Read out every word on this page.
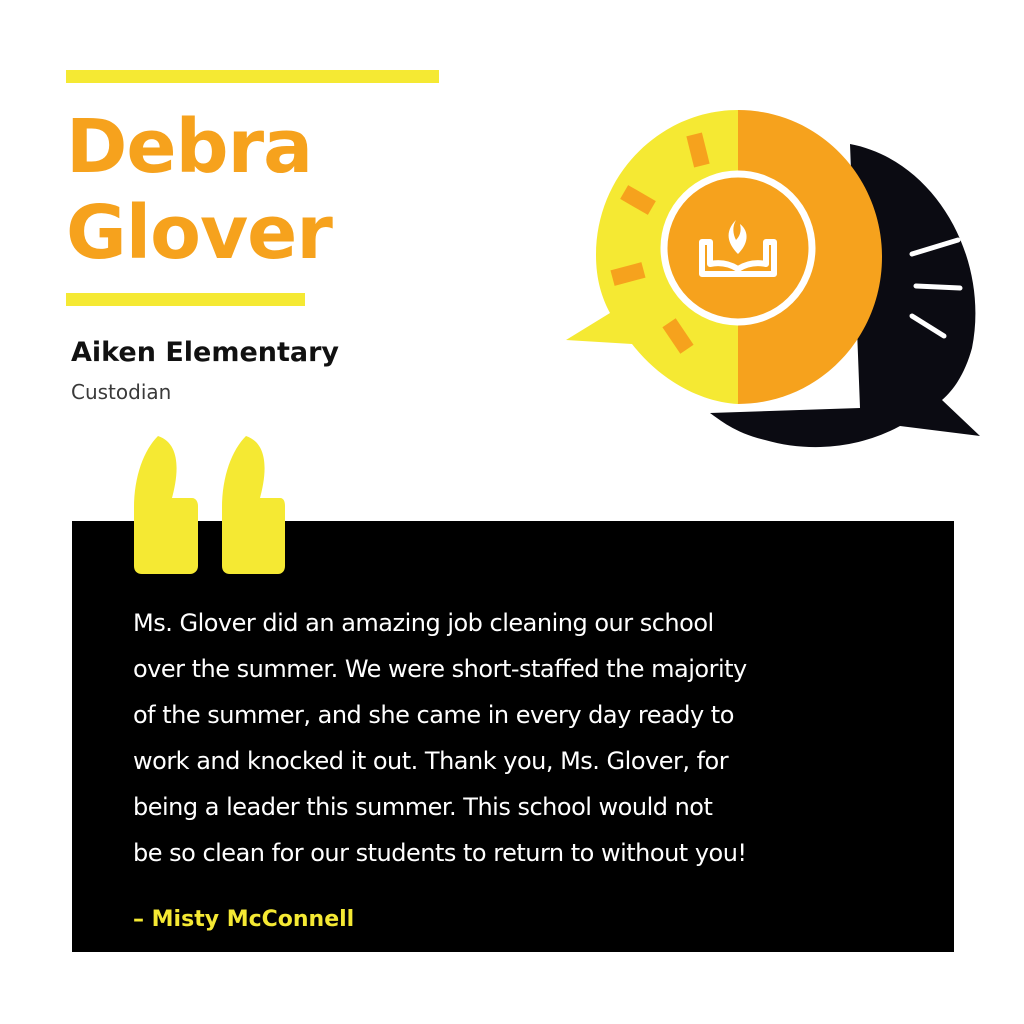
Debra
Glover

Aiken Elementary

Custodian

Ms. Glover did an amazing job cleaning our school
over the summer. We were short-staffed the majority
of the summer, and she came in every day ready to
work and knocked it out. Thank you, Ms. Glover, for
being a leader this summer. This school would not
be so clean for our students to return to without you!

– Misty McConnell
